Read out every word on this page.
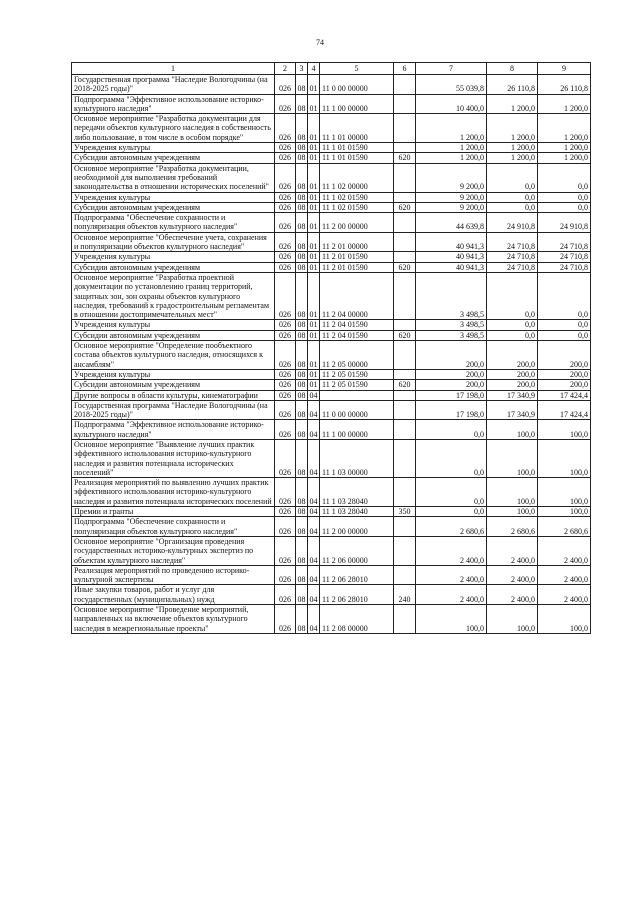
74
1	2	3	4	5	6	7	8	9
Государственная программа "Наследие Вологодчины (на 2018-2025 годы)"	026	08	01	11 0 00 00000		55 039,8	26 110,8	26 110,8
Подпрограмма "Эффективное использование историко-культурного наследия"	026	08	01	11 1 00 00000		10 400,0	1 200,0	1 200,0
Основное мероприятие "Разработка документации для передачи объектов культурного наследия в собственность либо пользование, в том числе в особом порядке"	026	08	01	11 1 01 00000		1 200,0	1 200,0	1 200,0
Учреждения культуры	026	08	01	11 1 01 01590		1 200,0	1 200,0	1 200,0
Субсидии автономным учреждениям	026	08	01	11 1 01 01590	620	1 200,0	1 200,0	1 200,0
Основное мероприятие "Разработка документации, необходимой для выполнения требований законодательства в отношении исторических поселений"	026	08	01	11 1 02 00000		9 200,0	0,0	0,0
Учреждения культуры	026	08	01	11 1 02 01590		9 200,0	0,0	0,0
Субсидии автономным учреждениям	026	08	01	11 1 02 01590	620	9 200,0	0,0	0,0
Подпрограмма "Обеспечение сохранности и популяризация объектов культурного наследия"	026	08	01	11 2 00 00000		44 639,8	24 910,8	24 910,8
Основное мероприятие "Обеспечение учета, сохранения и популяризации объектов культурного наследия"	026	08	01	11 2 01 00000		40 941,3	24 710,8	24 710,8
Учреждения культуры	026	08	01	11 2 01 01590		40 941,3	24 710,8	24 710,8
Субсидии автономным учреждениям	026	08	01	11 2 01 01590	620	40 941,3	24 710,8	24 710,8
Основное мероприятие "Разработка проектной документации по установлению границ территорий, защитных зон, зон охраны объектов культурного наследия, требований к градостроительным регламентам в отношении достопримечательных мест"	026	08	01	11 2 04 00000		3 498,5	0,0	0,0
Учреждения культуры	026	08	01	11 2 04 01590		3 498,5	0,0	0,0
Субсидии автономным учреждениям	026	08	01	11 2 04 01590	620	3 498,5	0,0	0,0
Основное мероприятие "Определение пообъектного состава объектов культурного наследия, относящихся к ансамблям"	026	08	01	11 2 05 00000		200,0	200,0	200,0
Учреждения культуры	026	08	01	11 2 05 01590		200,0	200,0	200,0
Субсидии автономным учреждениям	026	08	01	11 2 05 01590	620	200,0	200,0	200,0
Другие вопросы в области культуры, кинематографии	026	08	04			17 198,0	17 340,9	17 424,4
Государственная программа "Наследие Вологодчины (на 2018-2025 годы)"	026	08	04	11 0 00 00000		17 198,0	17 340,9	17 424,4
Подпрограмма "Эффективное использование историко-культурного наследия"	026	08	04	11 1 00 00000		0,0	100,0	100,0
Основное мероприятие "Выявление лучших практик эффективного использования историко-культурного наследия и развития потенциала исторических поселений"	026	08	04	11 1 03 00000		0,0	100,0	100,0
Реализация мероприятий по выявлению лучших практик эффективного использования историко-культурного наследия и развития потенциала исторических поселений	026	08	04	11 1 03 28040		0,0	100,0	100,0
Премии и гранты	026	08	04	11 1 03 28040	350	0,0	100,0	100,0
Подпрограмма "Обеспечение сохранности и популяризация объектов культурного наследия"	026	08	04	11 2 00 00000		2 680,6	2 680,6	2 680,6
Основное мероприятие "Организация проведения государственных историко-культурных экспертиз по объектам культурного наследия"	026	08	04	11 2 06 00000		2 400,0	2 400,0	2 400,0
Реализация мероприятий по проведению историко-культурной экспертизы	026	08	04	11 2 06 28010		2 400,0	2 400,0	2 400,0
Иные закупки товаров, работ и услуг для государственных (муниципальных) нужд	026	08	04	11 2 06 28010	240	2 400,0	2 400,0	2 400,0
Основное мероприятие "Проведение мероприятий, направленных на включение объектов культурного наследия в межрегиональные проекты"	026	08	04	11 2 08 00000		100,0	100,0	100,0
